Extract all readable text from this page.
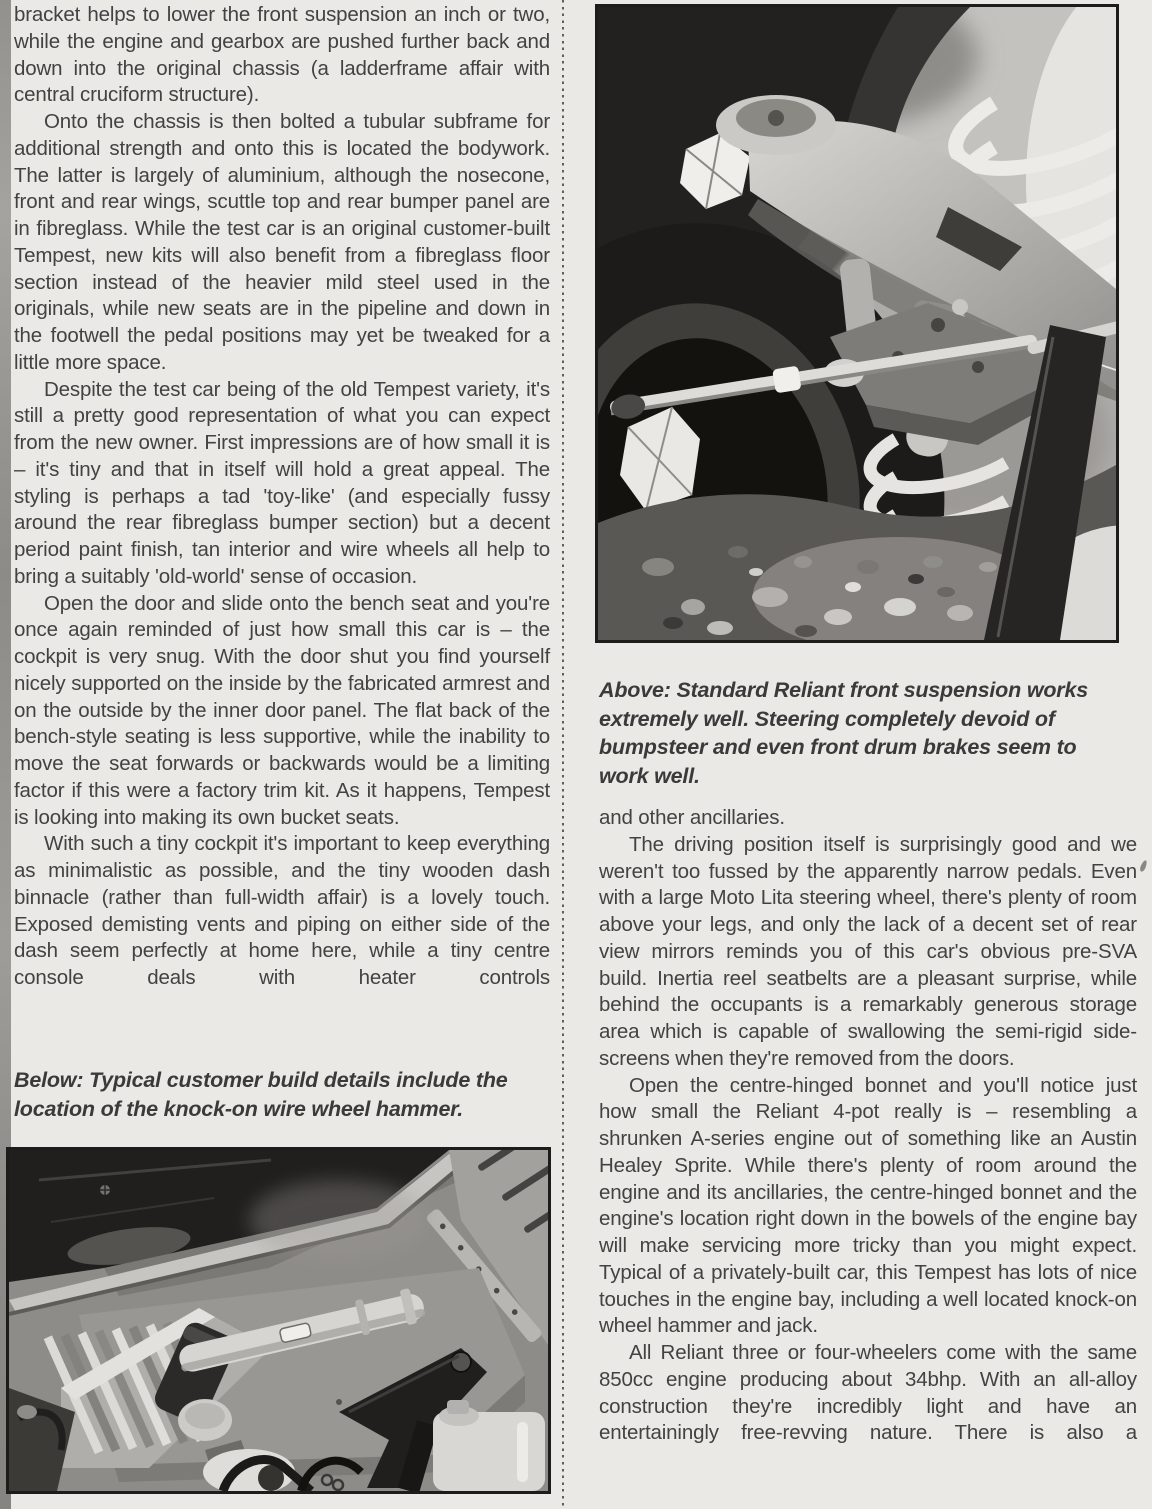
bracket helps to lower the front suspension an inch or two, while the engine and gearbox are pushed further back and down into the original chassis (a ladderframe affair with central cruciform structure).

Onto the chassis is then bolted a tubular subframe for additional strength and onto this is located the bodywork. The latter is largely of aluminium, although the nosecone, front and rear wings, scuttle top and rear bumper panel are in fibreglass. While the test car is an original customer-built Tempest, new kits will also benefit from a fibreglass floor section instead of the heavier mild steel used in the originals, while new seats are in the pipeline and down in the footwell the pedal positions may yet be tweaked for a little more space.

Despite the test car being of the old Tempest variety, it's still a pretty good representation of what you can expect from the new owner. First impressions are of how small it is – it's tiny and that in itself will hold a great appeal. The styling is perhaps a tad 'toy-like' (and especially fussy around the rear fibreglass bumper section) but a decent period paint finish, tan interior and wire wheels all help to bring a suitably 'old-world' sense of occasion.

Open the door and slide onto the bench seat and you're once again reminded of just how small this car is – the cockpit is very snug. With the door shut you find yourself nicely supported on the inside by the fabricated armrest and on the outside by the inner door panel. The flat back of the bench-style seating is less supportive, while the inability to move the seat forwards or backwards would be a limiting factor if this were a factory trim kit. As it happens, Tempest is looking into making its own bucket seats.

With such a tiny cockpit it's important to keep everything as minimalistic as possible, and the tiny wooden dash binnacle (rather than full-width affair) is a lovely touch. Exposed demisting vents and piping on either side of the dash seem perfectly at home here, while a tiny centre console deals with heater controls

Below: Typical customer build details include the location of the knock-on wire wheel hammer.
Above: Standard Reliant front suspension works extremely well. Steering completely devoid of bumpsteer and even front drum brakes seem to work well.

and other ancillaries.

The driving position itself is surprisingly good and we weren't too fussed by the apparently narrow pedals. Even with a large Moto Lita steering wheel, there's plenty of room above your legs, and only the lack of a decent set of rear view mirrors reminds you of this car's obvious pre-SVA build. Inertia reel seatbelts are a pleasant surprise, while behind the occupants is a remarkably generous storage area which is capable of swallowing the semi-rigid side-screens when they're removed from the doors.

Open the centre-hinged bonnet and you'll notice just how small the Reliant 4-pot really is – resembling a shrunken A-series engine out of something like an Austin Healey Sprite. While there's plenty of room around the engine and its ancillaries, the centre-hinged bonnet and the engine's location right down in the bowels of the engine bay will make servicing more tricky than you might expect. Typical of a privately-built car, this Tempest has lots of nice touches in the engine bay, including a well located knock-on wheel hammer and jack.

All Reliant three or four-wheelers come with the same 850cc engine producing about 34bhp. With an all-alloy construction they're incredibly light and have an entertainingly free-revving nature. There is also a
